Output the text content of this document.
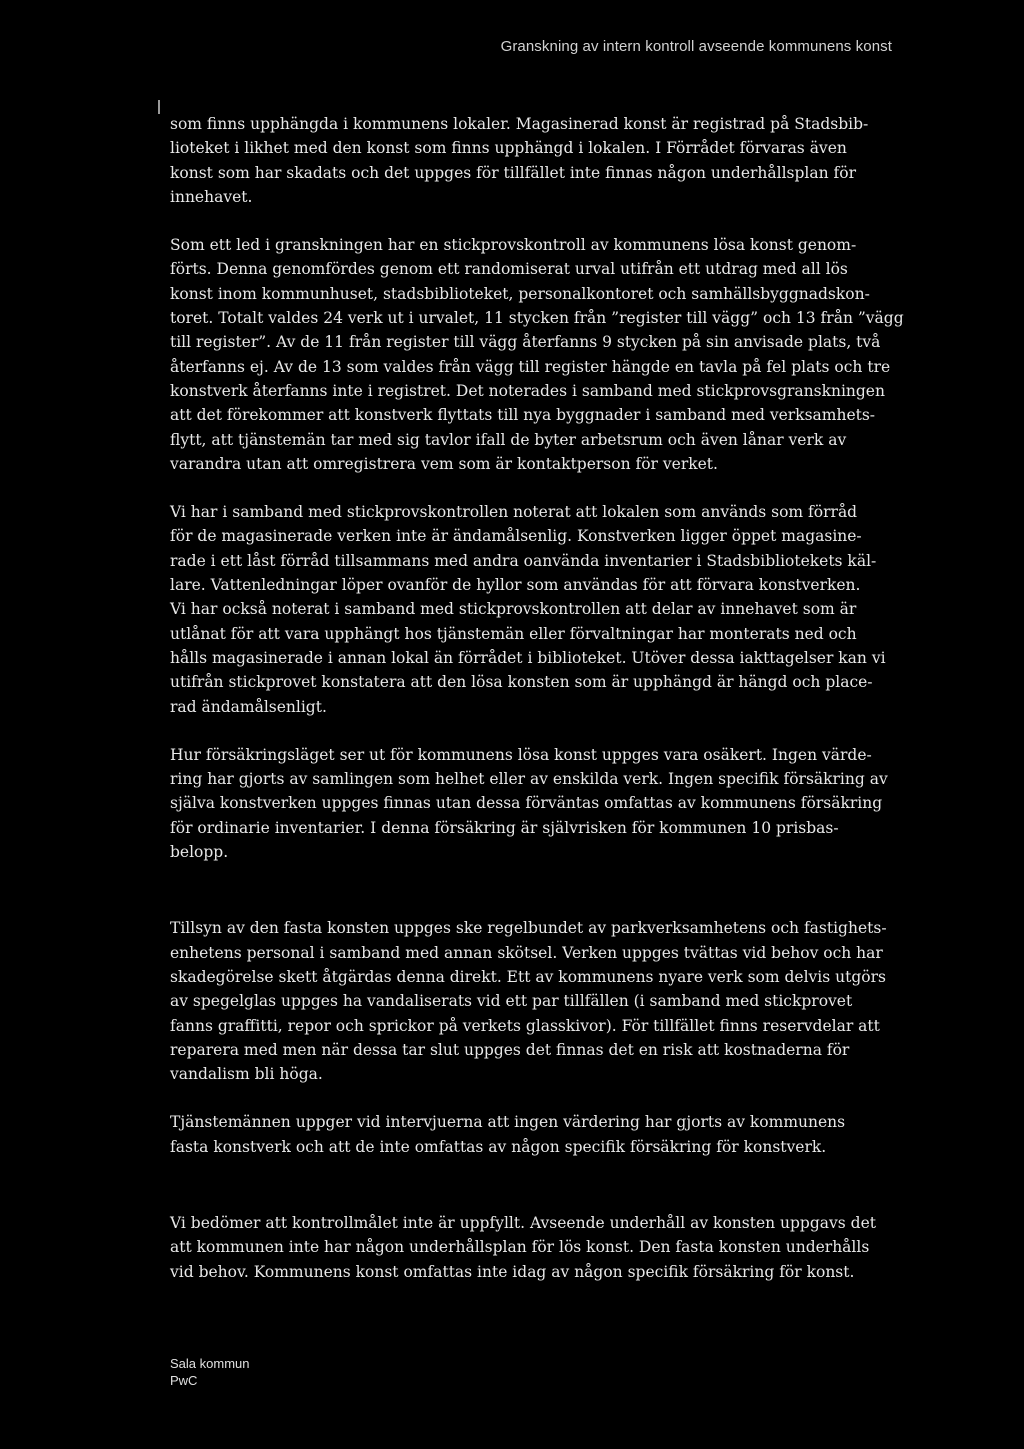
Granskning av intern kontroll avseende kommunens konst

som finns upphängda i kommunens lokaler. Magasinerad konst är registrad på Stadsbib-
lioteket i likhet med den konst som finns upphängd i lokalen. I Förrådet förvaras även
konst som har skadats och det uppges för tillfället inte finnas någon underhållsplan för
innehavet.

Som ett led i granskningen har en stickprovskontroll av kommunens lösa konst genom-
förts. Denna genomfördes genom ett randomiserat urval utifrån ett utdrag med all lös
konst inom kommunhuset, stadsbiblioteket, personalkontoret och samhällsbyggnadskon-
toret. Totalt valdes 24 verk ut i urvalet, 11 stycken från ”register till vägg” och 13 från ”vägg
till register”. Av de 11 från register till vägg återfanns 9 stycken på sin anvisade plats, två
återfanns ej. Av de 13 som valdes från vägg till register hängde en tavla på fel plats och tre
konstverk återfanns inte i registret. Det noterades i samband med stickprovsgranskningen
att det förekommer att konstverk flyttats till nya byggnader i samband med verksamhets-
flytt, att tjänstemän tar med sig tavlor ifall de byter arbetsrum och även lånar verk av
varandra utan att omregistrera vem som är kontaktperson för verket.

Vi har i samband med stickprovskontrollen noterat att lokalen som används som förråd
för de magasinerade verken inte är ändamålsenlig. Konstverken ligger öppet magasine-
rade i ett låst förråd tillsammans med andra oanvända inventarier i Stadsbibliotekets käl-
lare. Vattenledningar löper ovanför de hyllor som användas för att förvara konstverken.
Vi har också noterat i samband med stickprovskontrollen att delar av innehavet som är
utlånat för att vara upphängt hos tjänstemän eller förvaltningar har monterats ned och
hålls magasinerade i annan lokal än förrådet i biblioteket. Utöver dessa iakttagelser kan vi
utifrån stickprovet konstatera att den lösa konsten som är upphängd är hängd och place-
rad ändamålsenligt.

Hur försäkringsläget ser ut för kommunens lösa konst uppges vara osäkert. Ingen värde-
ring har gjorts av samlingen som helhet eller av enskilda verk. Ingen specifik försäkring av
själva konstverken uppges finnas utan dessa förväntas omfattas av kommunens försäkring
för ordinarie inventarier. I denna försäkring är självrisken för kommunen 10 prisbas-
belopp.

Tillsyn av den fasta konsten uppges ske regelbundet av parkverksamhetens och fastighets-
enhetens personal i samband med annan skötsel. Verken uppges tvättas vid behov och har
skadegörelse skett åtgärdas denna direkt. Ett av kommunens nyare verk som delvis utgörs
av spegelglas uppges ha vandaliserats vid ett par tillfällen (i samband med stickprovet
fanns graffitti, repor och sprickor på verkets glasskivor). För tillfället finns reservdelar att
reparera med men när dessa tar slut uppges det finnas det en risk att kostnaderna för
vandalism bli höga.

Tjänstemännen uppger vid intervjuerna att ingen värdering har gjorts av kommunens
fasta konstverk och att de inte omfattas av någon specifik försäkring för konstverk.

Vi bedömer att kontrollmålet inte är uppfyllt. Avseende underhåll av konsten uppgavs det
att kommunen inte har någon underhållsplan för lös konst. Den fasta konsten underhålls
vid behov. Kommunens konst omfattas inte idag av någon specifik försäkring för konst.

Sala kommun
PwC
